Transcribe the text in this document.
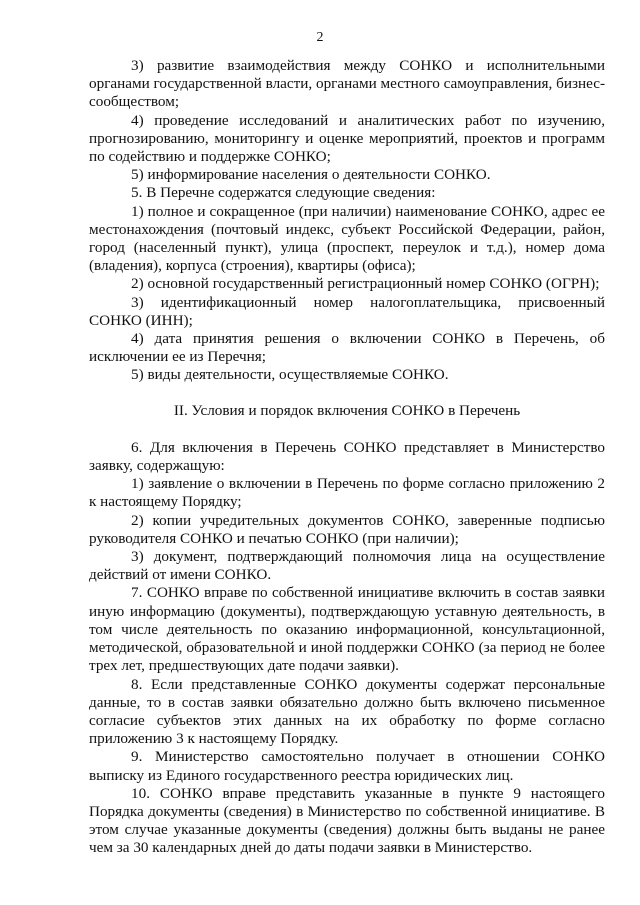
2

3) развитие взаимодействия между СОНКО и исполнительными органами государственной власти, органами местного самоуправления, бизнес-сообществом;

4) проведение исследований и аналитических работ по изучению, прогнозированию, мониторингу и оценке мероприятий, проектов и программ по содействию и поддержке СОНКО;

5) информирование населения о деятельности СОНКО.

5. В Перечне содержатся следующие сведения:

1) полное и сокращенное (при наличии) наименование СОНКО, адрес ее местонахождения (почтовый индекс, субъект Российской Федерации, район, город (населенный пункт), улица (проспект, переулок и т.д.), номер дома (владения), корпуса (строения), квартиры (офиса);

2) основной государственный регистрационный номер СОНКО (ОГРН);

3) идентификационный номер налогоплательщика, присвоенный СОНКО (ИНН);

4) дата принятия решения о включении СОНКО в Перечень, об исключении ее из Перечня;

5) виды деятельности, осуществляемые СОНКО.

II. Условия и порядок включения СОНКО в Перечень

6. Для включения в Перечень СОНКО представляет в Министерство заявку, содержащую:

1) заявление о включении в Перечень по форме согласно приложению 2 к настоящему Порядку;

2) копии учредительных документов СОНКО, заверенные подписью руководителя СОНКО и печатью СОНКО (при наличии);

3) документ, подтверждающий полномочия лица на осуществление действий от имени СОНКО.

7. СОНКО вправе по собственной инициативе включить в состав заявки иную информацию (документы), подтверждающую уставную деятельность, в том числе деятельность по оказанию информационной, консультационной, методической, образовательной и иной поддержки СОНКО (за период не более трех лет, предшествующих дате подачи заявки).

8. Если представленные СОНКО документы содержат персональные данные, то в состав заявки обязательно должно быть включено письменное согласие субъектов этих данных на их обработку по форме согласно приложению 3 к настоящему Порядку.

9. Министерство самостоятельно получает в отношении СОНКО выписку из Единого государственного реестра юридических лиц.

10. СОНКО вправе представить указанные в пункте 9 настоящего Порядка документы (сведения) в Министерство по собственной инициативе. В этом случае указанные документы (сведения) должны быть выданы не ранее чем за 30 календарных дней до даты подачи заявки в Министерство.
